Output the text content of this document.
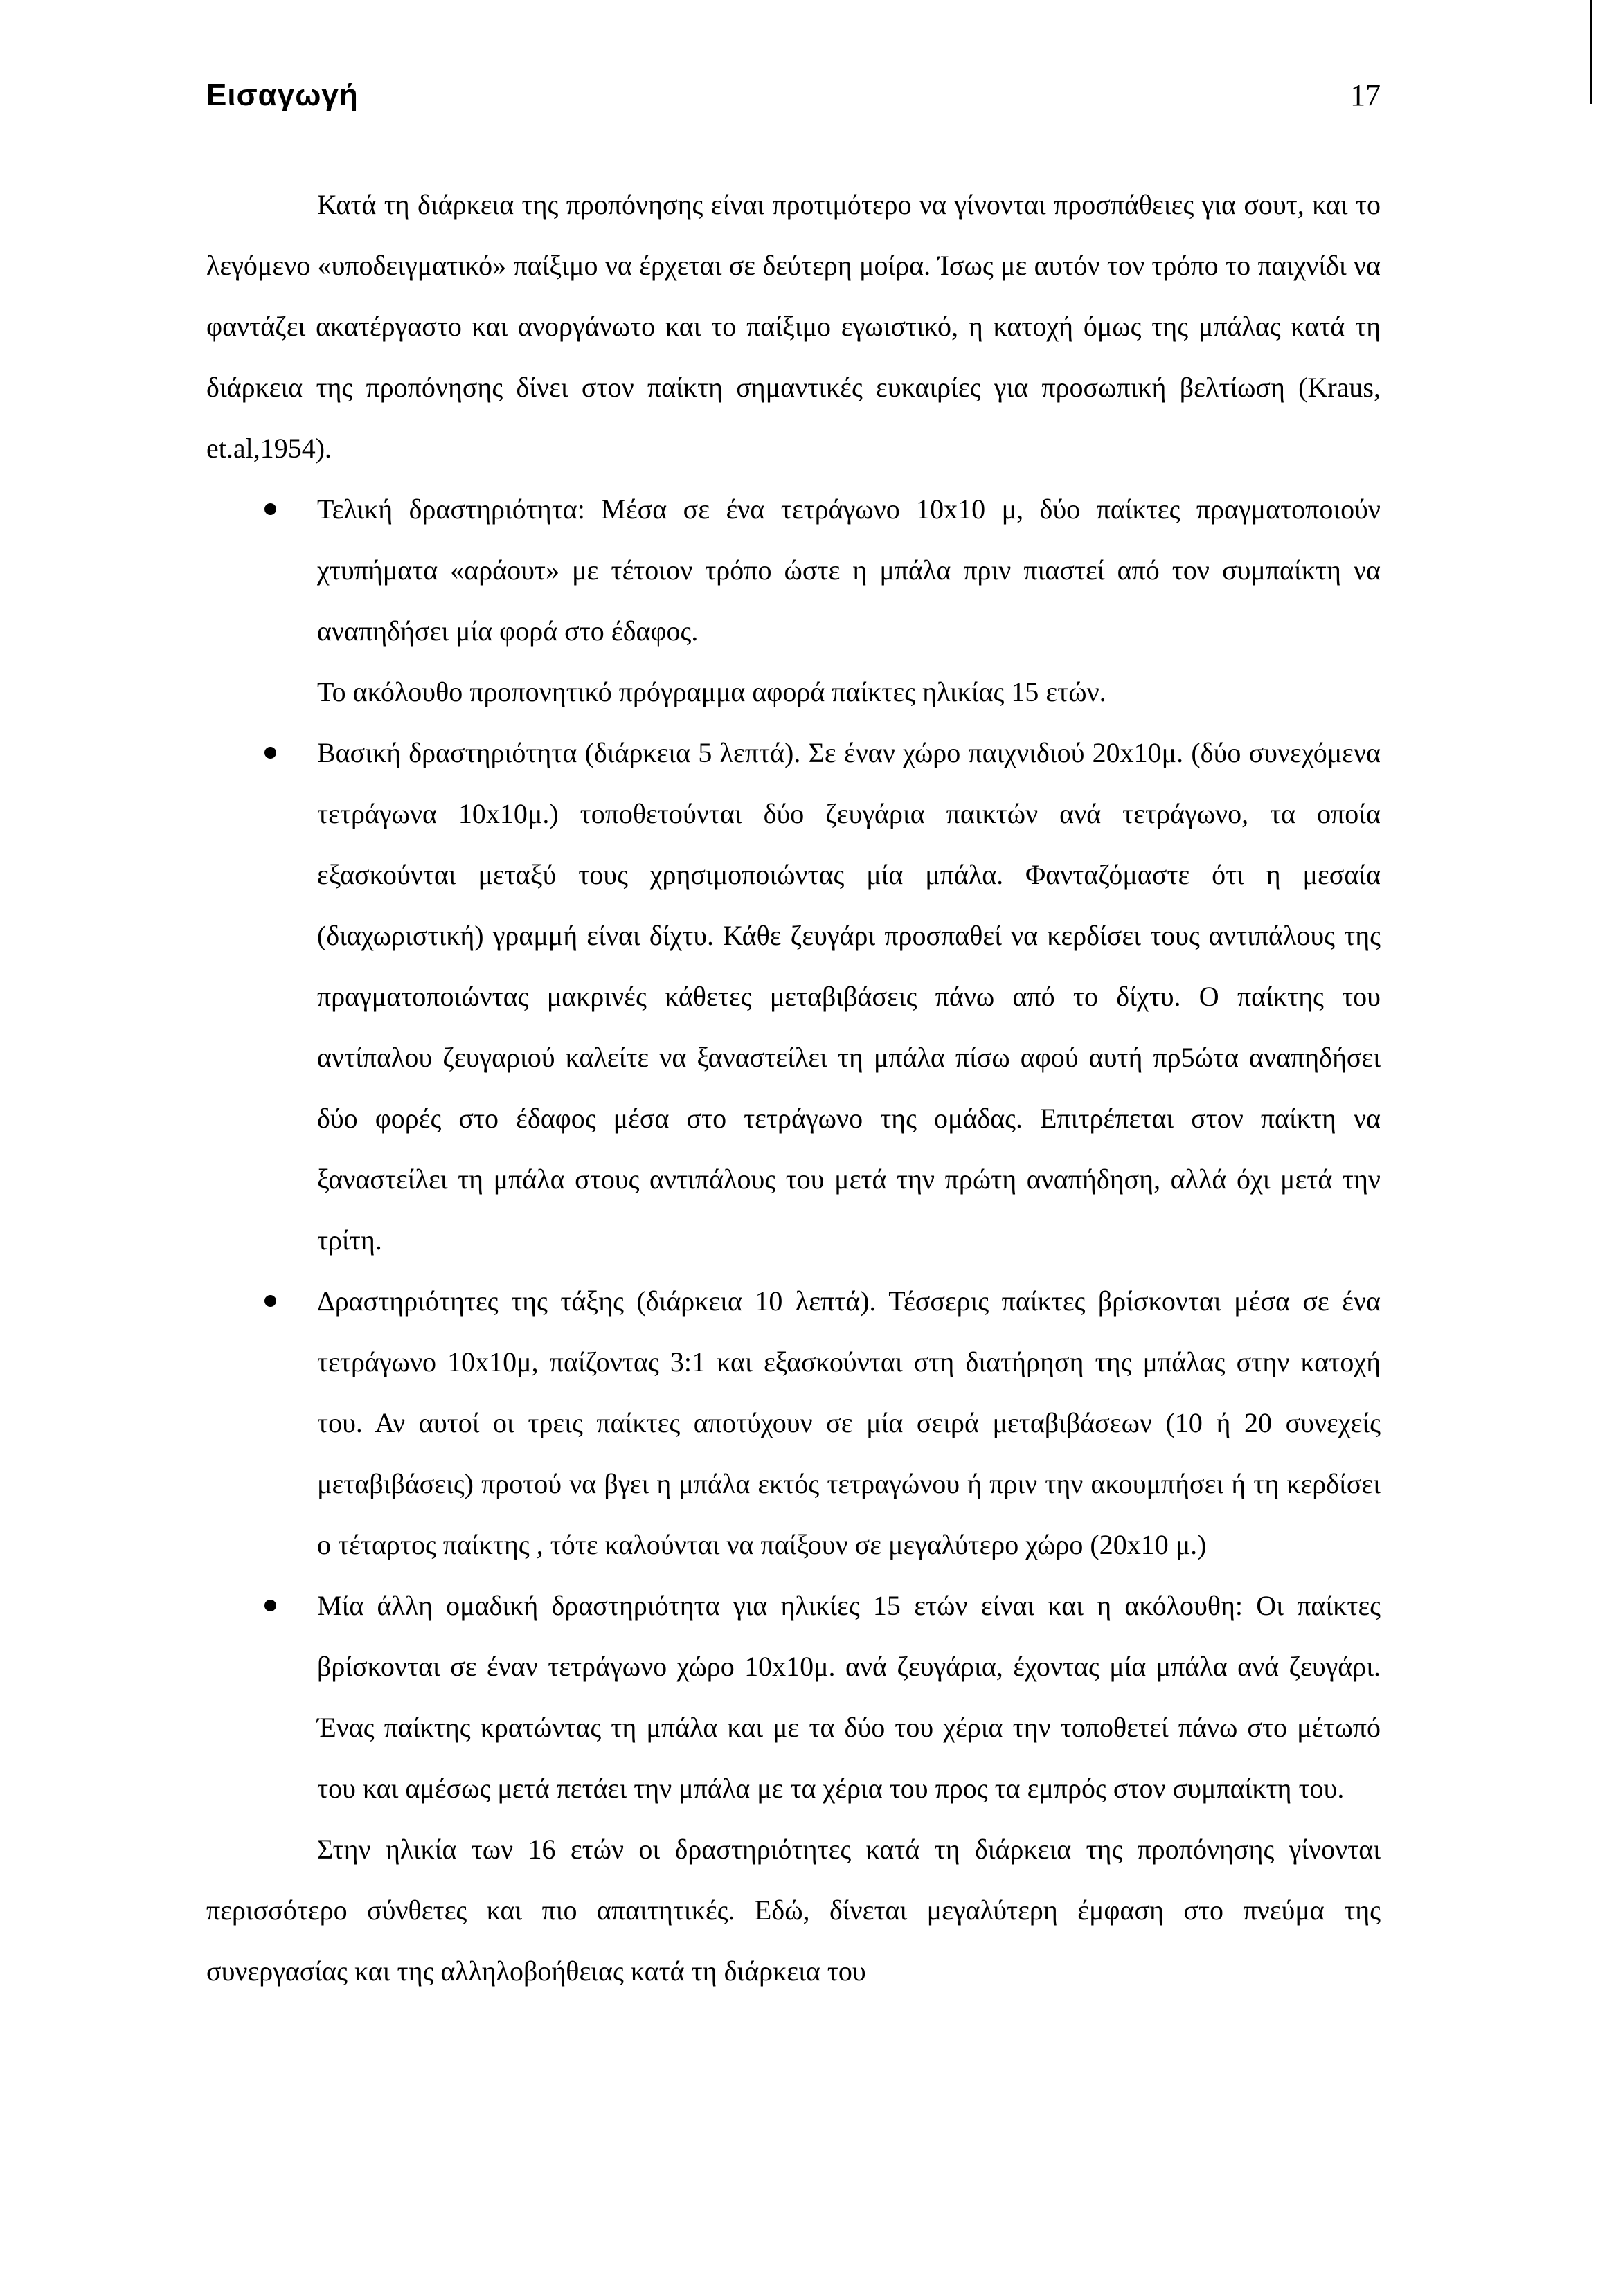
Εισαγωγή	17

Κατά τη διάρκεια της προπόνησης είναι προτιμότερο να γίνονται προσπάθειες για σουτ, και το λεγόμενο «υποδειγματικό» παίξιμο να έρχεται σε δεύτερη μοίρα. Ίσως με αυτόν τον τρόπο το παιχνίδι να φαντάζει ακατέργαστο και ανοργάνωτο και το παίξιμο εγωιστικό, η κατοχή όμως της μπάλας κατά τη διάρκεια της προπόνησης δίνει στον παίκτη σημαντικές ευκαιρίες για προσωπική βελτίωση (Kraus, et.al,1954).

Τελική δραστηριότητα: Μέσα σε ένα τετράγωνο 10x10 μ, δύο παίκτες πραγματοποιούν χτυπήματα «αράουτ» με τέτοιον τρόπο ώστε η μπάλα πριν πιαστεί από τον συμπαίκτη να αναπηδήσει μία φορά στο έδαφος.

Το ακόλουθο προπονητικό πρόγραμμα αφορά παίκτες ηλικίας 15 ετών.

Βασική δραστηριότητα (διάρκεια 5 λεπτά). Σε έναν χώρο παιχνιδιού 20x10μ. (δύο συνεχόμενα τετράγωνα 10x10μ.) τοποθετούνται δύο ζευγάρια παικτών ανά τετράγωνο, τα οποία εξασκούνται μεταξύ τους χρησιμοποιώντας μία μπάλα. Φανταζόμαστε ότι η μεσαία (διαχωριστική) γραμμή είναι δίχτυ. Κάθε ζευγάρι προσπαθεί να κερδίσει τους αντιπάλους της πραγματοποιώντας μακρινές κάθετες μεταβιβάσεις πάνω από το δίχτυ. Ο παίκτης του αντίπαλου ζευγαριού καλείτε να ξαναστείλει τη μπάλα πίσω αφού αυτή πρ5ώτα αναπηδήσει δύο φορές στο έδαφος μέσα στο τετράγωνο της ομάδας. Επιτρέπεται στον παίκτη να ξαναστείλει τη μπάλα στους αντιπάλους του μετά την πρώτη αναπήδηση, αλλά όχι μετά την τρίτη.
Δραστηριότητες της τάξης (διάρκεια 10 λεπτά). Τέσσερις παίκτες βρίσκονται μέσα σε ένα τετράγωνο 10x10μ, παίζοντας 3:1 και εξασκούνται στη διατήρηση της μπάλας στην κατοχή του. Αν αυτοί οι τρεις παίκτες αποτύχουν σε μία σειρά μεταβιβάσεων (10 ή 20 συνεχείς μεταβιβάσεις) προτού να βγει η μπάλα εκτός τετραγώνου ή πριν την ακουμπήσει ή τη κερδίσει ο τέταρτος παίκτης , τότε καλούνται να παίξουν σε μεγαλύτερο χώρο (20x10 μ.)
Μία άλλη ομαδική δραστηριότητα για ηλικίες 15 ετών είναι και η ακόλουθη: Οι παίκτες βρίσκονται σε έναν τετράγωνο χώρο 10x10μ. ανά ζευγάρια, έχοντας μία μπάλα ανά ζευγάρι. Ένας παίκτης κρατώντας τη μπάλα και με τα δύο του χέρια την τοποθετεί πάνω στο μέτωπό του και αμέσως μετά πετάει την μπάλα με τα χέρια του προς τα εμπρός στον συμπαίκτη του.

Στην ηλικία των 16 ετών οι δραστηριότητες κατά τη διάρκεια της προπόνησης γίνονται περισσότερο σύνθετες και πιο απαιτητικές. Εδώ, δίνεται μεγαλύτερη έμφαση στο πνεύμα της συνεργασίας και της αλληλοβοήθειας κατά τη διάρκεια του
